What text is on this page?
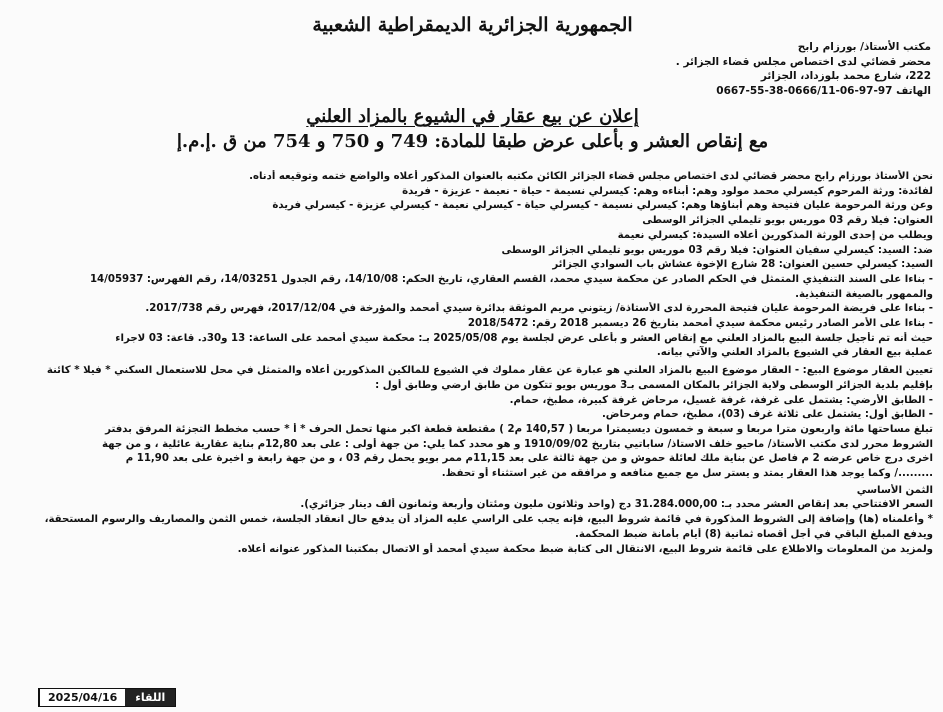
الجمهورية الجزائرية الديمقراطية الشعبية
مكتب الأستاذ/ بورزام رابح
محضر قضائي لدى اختصاص مجلس قضاء الجزائر .
222، شارع محمد بلوزداد، الجزائر
الهاتف 97-97-06-0666/11-38-55-0667
إعلان عن بيع عقار في الشيوع بالمزاد العلني
مع إنقاص العشر و بأعلى عرض طبقا للمادة: 749 و 750 و 754 من ق .إ.م.إ

نحن الأستاذ بورزام رابح محضر قضائي لدى اختصاص مجلس قضاء الجزائر الكائن مكتبه بالعنوان المذكور أعلاه والواضع ختمه وتوقيعه أدناه.

لفائدة: ورثة المرحوم كيسرلي محمد مولود وهم: أبناءه وهم: كيسرلي نسيمة - حياة - نعيمة - عزيزة - فريدة

وعن ورثة المرحومة عليان فتيحة وهم أبناؤها وهم: كيسرلي نسيمة - كيسرلي حياة - كيسرلي نعيمة - كيسرلي عزيزة - كيسرلي فريدة

العنوان: فيلا رقم 03 موريس بويو تليملي الجزائر الوسطى

ويطلب من إحدى الورثة المذكورين أعلاه السيدة: كيسرلي نعيمة

ضد: السيد: كيسرلي سفيان العنوان: فيلا رقم 03 موريس بويو تليملي الجزائر الوسطى

السيد: كيسرلي حسين العنوان: 28 شارع الإخوة عشاش باب السوادي الجزائر

- بناءا على السند التنفيذي المتمثل في الحكم الصادر عن محكمة سيدي محمد، القسم العقاري، تاريخ الحكم: 14/10/08، رقم الجدول 14/03251، رقم الفهرس: 14/05937

والممهور بالصيغة التنفيذية.

- بناءا على فريضة المرحومة عليان فتيحة المحررة لدى الأستاذة/ زيتوني مريم الموثقة بدائرة سيدي أمحمد والمؤرخة في 2017/12/04، فهرس رقم 2017/738.

- بناءا على الأمر الصادر رئيس محكمة سيدي أمحمد بتاريخ 26 ديسمبر 2018 رقم: 2018/5472

حيث أنه تم تأجيل جلسة البيع بالمزاد العلني مع إنقاص العشر و بأعلى عرض لجلسة يوم 2025/05/08 بـ: محكمة سيدي أمحمد على الساعة: 13 و30د. قاعة: 03 لاجراء

عملية بيع العقار في الشيوع بالمزاد العلني والآتي بيانه.

تعيين العقار موضوع البيع: - العقار موضوع البيع بالمزاد العلني هو عبارة عن عقار مملوك في الشيوع للمالكين المذكورين أعلاه والمتمثل في محل للاستعمال السكني * فيلا * كائنة

بإقليم بلدية الجزائر الوسطى ولاية الجزائر بالمكان المسمى بـ3 موريس بويو تتكون من طابق ارضي وطابق أول :

- الطابق الأرضي: يشتمل على غرفة، غرفة غسيل، مرحاض غرفة كبيرة، مطبخ، حمام.

- الطابق أول: يشتمل على ثلاثة غرف (03)، مطبخ، حمام ومرحاض.

تبلغ مساحتها مائة واربعون مترا مربعا و سبعة و خمسون ديسيمترا مربعا ( 140,57 م2 ) مقتطعة قطعة اكبر منها تحمل الحرف * أ * حسب مخطط التجزئة المرفق بدفتر

الشروط محرر لدى مكتب الأستاذ/ ماحيو خلف الاستاذ/ ساباتيي بتاريخ 1910/09/02 و هو محدد كما يلي: من جهة أولى : على بعد 12,80م بناية عقارية عائلية ، و من جهة

اخرى درج خاص عرضه 2 م فاصل عن بناية ملك لعائلة حموش و من جهة ثالثة على بعد 11,15م ممر بويو يحمل رقم 03 ، و من جهة رابعة و اخيرة على بعد 11,90 م

........./ وكما يوجد هذا العقار يمتد و يستر سل مع جميع منافعه و مرافقه من غير استثناء أو تحفظ.

الثمن الأساسي

السعر الافتتاحي بعد إنقاص العشر محدد بـ: 31.284.000,00 دج (واحد وثلاثون مليون ومئتان وأربعة وثمانون ألف دينار جزائري).

* وأعلمناه (ها) وإضافة إلى الشروط المذكورة في قائمة شروط البيع، فإنه يجب على الراسي عليه المزاد أن يدفع حال انعقاد الجلسة، خمس الثمن والمصاريف والرسوم المستحقة،

ويدفع المبلغ الباقي في أجل أقصاه ثمانية (8) أيام بأمانة ضبط المحكمة.

ولمزيد من المعلومات والاطلاع على قائمة شروط البيع، الانتقال الى كتابة ضبط محكمة سيدي أمحمد أو الاتصال بمكتبنا المذكور عنوانه أعلاه.

2025/04/16	اللقاء
